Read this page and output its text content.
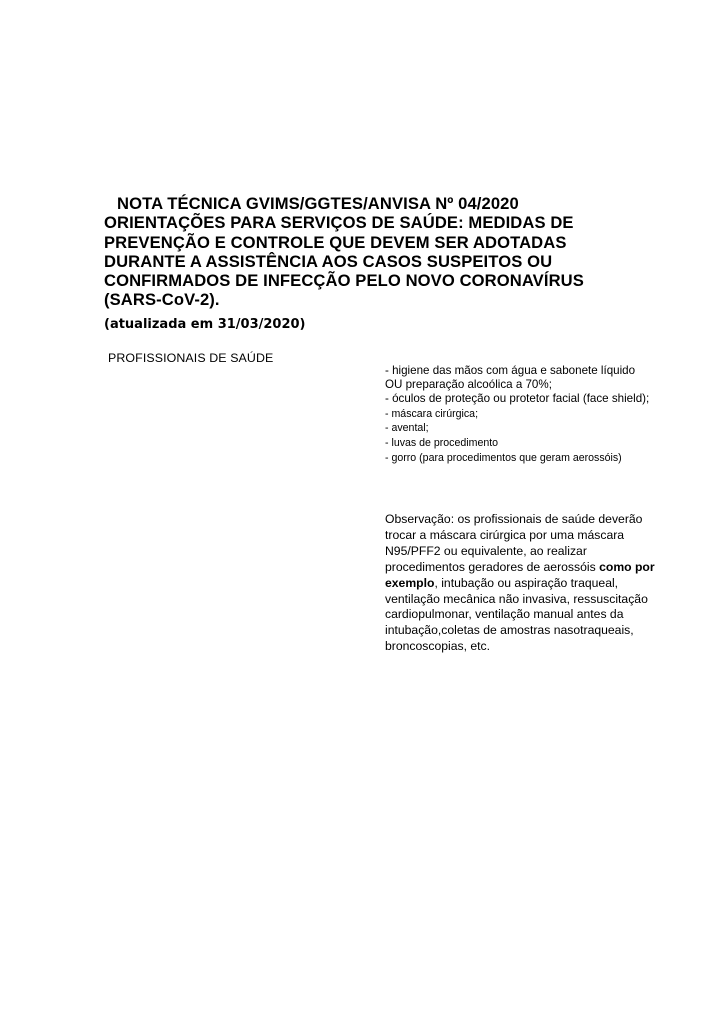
NOTA TÉCNICA GVIMS/GGTES/ANVISA Nº 04/2020
ORIENTAÇÕES PARA SERVIÇOS DE SAÚDE: MEDIDAS DE
PREVENÇÃO E CONTROLE QUE DEVEM SER ADOTADAS
DURANTE A ASSISTÊNCIA AOS CASOS SUSPEITOS OU
CONFIRMADOS DE INFECÇÃO PELO NOVO CORONAVÍRUS
(SARS-CoV-2).

(atualizada em 31/03/2020)

PROFISSIONAIS DE SAÚDE
- higiene das mãos com água e sabonete líquido OU preparação alcoólica a 70%;
- óculos de proteção ou protetor facial (face shield);
- máscara cirúrgica;
- avental;
- luvas de procedimento
- gorro (para procedimentos que geram aerossóis)

Observação: os profissionais de saúde deverão trocar a máscara cirúrgica por uma máscara N95/PFF2 ou equivalente, ao realizar procedimentos geradores de aerossóis como por exemplo, intubação ou aspiração traqueal, ventilação mecânica não invasiva, ressuscitação cardiopulmonar, ventilação manual antes da intubação,coletas de amostras nasotraqueais, broncoscopias, etc.
